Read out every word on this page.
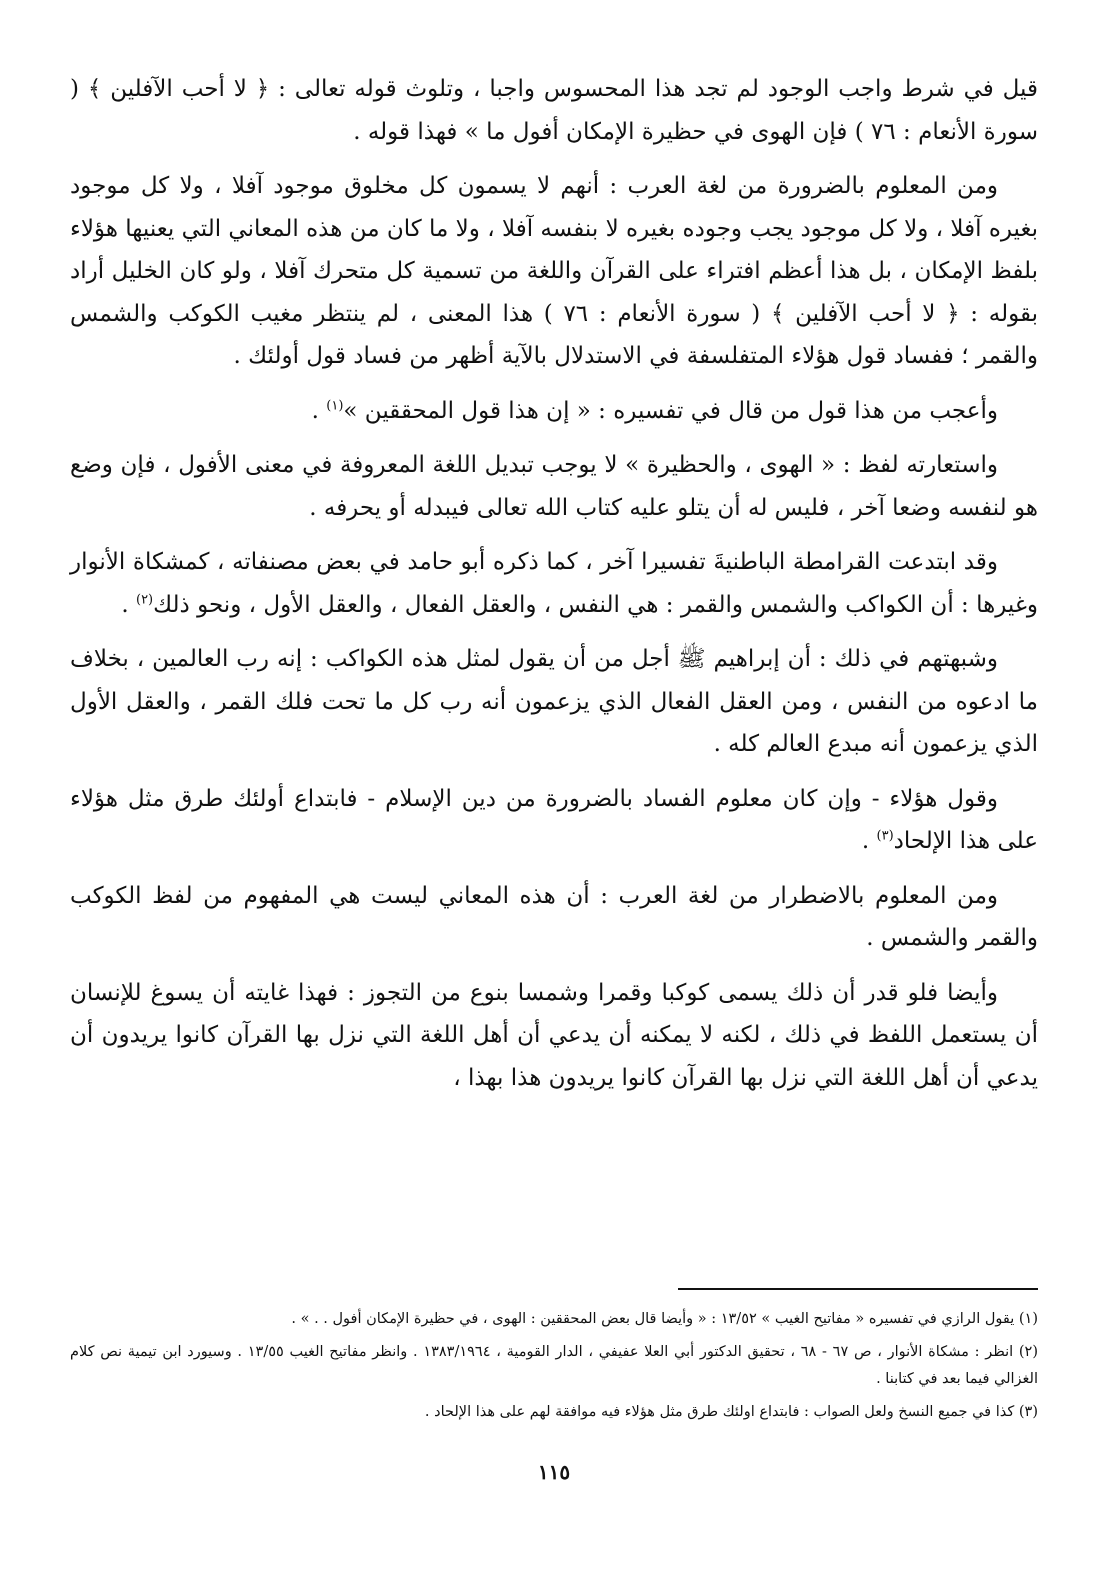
قيل في شرط واجب الوجود لم تجد هذا المحسوس واجبا ، وتلوث قوله تعالى : ﴿ لا أحب الآفلين ﴾ ( سورة الأنعام : ٧٦ ) فإن الهوى في حظيرة الإمكان أفول ما » فهذا قوله .

ومن المعلوم بالضرورة من لغة العرب : أنهم لا يسمون كل مخلوق موجود آفلا ، ولا كل موجود بغيره آفلا ، ولا كل موجود يجب وجوده بغيره لا بنفسه آفلا ، ولا ما كان من هذه المعاني التي يعنيها هؤلاء بلفظ الإمكان ، بل هذا أعظم افتراء على القرآن واللغة من تسمية كل متحرك آفلا ، ولو كان الخليل أراد بقوله : ﴿ لا أحب الآفلين ﴾ ( سورة الأنعام : ٧٦ ) هذا المعنى ، لم ينتظر مغيب الكوكب والشمس والقمر ؛ ففساد قول هؤلاء المتفلسفة في الاستدلال بالآية أظهر من فساد قول أولئك .

وأعجب من هذا قول من قال في تفسيره : « إن هذا قول المحققين »$^{(١)}$ .

واستعارته لفظ : « الهوى ، والحظيرة » لا يوجب تبديل اللغة المعروفة في معنى الأفول ، فإن وضع هو لنفسه وضعا آخر ، فليس له أن يتلو عليه كتاب الله تعالى فيبدله أو يحرفه .

وقد ابتدعت القرامطة الباطنيةَ تفسيرا آخر ، كما ذكره أبو حامد في بعض مصنفاته ، كمشكاة الأنوار وغيرها : أن الكواكب والشمس والقمر : هي النفس ، والعقل الفعال ، والعقل الأول ، ونحو ذلك$^{(٢)}$ .

وشبهتهم في ذلك : أن إبراهيم ﷺ أجل من أن يقول لمثل هذه الكواكب : إنه رب العالمين ، بخلاف ما ادعوه من النفس ، ومن العقل الفعال الذي يزعمون أنه رب كل ما تحت فلك القمر ، والعقل الأول الذي يزعمون أنه مبدع العالم كله .

وقول هؤلاء - وإن كان معلوم الفساد بالضرورة من دين الإسلام - فابتداع أولئك طرق مثل هؤلاء على هذا الإلحاد$^{(٣)}$ .

ومن المعلوم بالاضطرار من لغة العرب : أن هذه المعاني ليست هي المفهوم من لفظ الكوكب والقمر والشمس .

وأيضا فلو قدر أن ذلك يسمى كوكبا وقمرا وشمسا بنوع من التجوز : فهذا غايته أن يسوغ للإنسان أن يستعمل اللفظ في ذلك ، لكنه لا يمكنه أن يدعي أن أهل اللغة التي نزل بها القرآن كانوا يريدون أن يدعي أن أهل اللغة التي نزل بها القرآن كانوا يريدون هذا بهذا ،

(١) يقول الرازي في تفسيره « مفاتيح الغيب » ١٣/٥٢ : « وأيضا قال بعض المحققين : الهوى ، في حظيرة الإمكان أفول . . » .

(٢) انظر : مشكاة الأنوار ، ص ٦٧ - ٦٨ ، تحقيق الدكتور أبي العلا عفيفي ، الدار القومية ، ١٣٨٣/١٩٦٤ . وانظر مفاتيح الغيب ١٣/٥٥ . وسيورد ابن تيمية نص كلام الغزالي فيما بعد في كتابنا .

(٣) كذا في جميع النسخ ولعل الصواب : فابتداع اولئك طرق مثل هؤلاء فيه موافقة لهم على هذا الإلحاد .

١١٥
